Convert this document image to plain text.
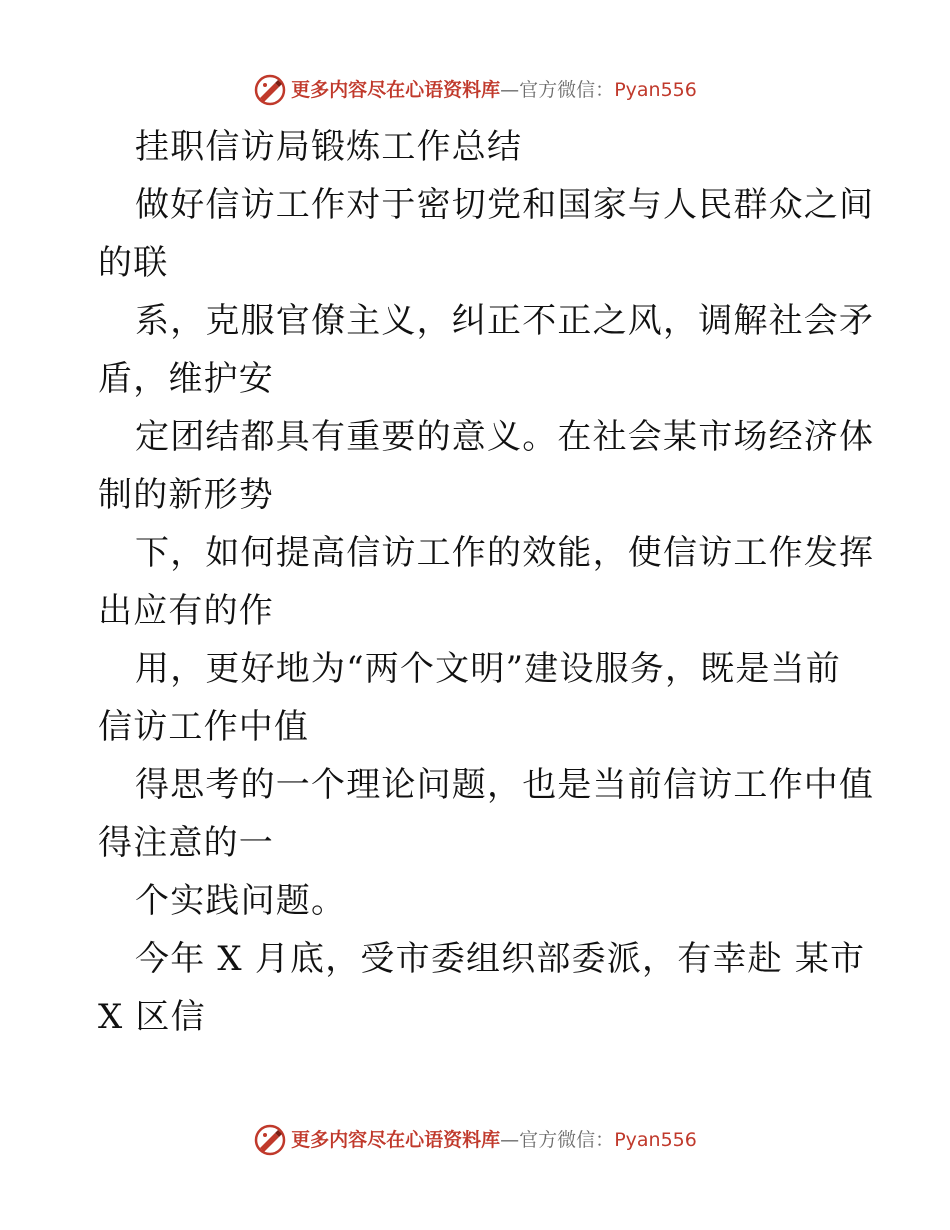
更多内容尽在心语资料库—官方微信：Pyan556
挂职信访局锻炼工作总结
做好信访工作对于密切党和国家与人民群众之间
的联
系，克服官僚主义，纠正不正之风，调解社会矛
盾，维护安
定团结都具有重要的意义。在社会某市场经济体
制的新形势
下，如何提高信访工作的效能，使信访工作发挥
出应有的作
用，更好地为“两个文明”建设服务，既是当前
信访工作中值
得思考的一个理论问题，也是当前信访工作中值
得注意的一
个实践问题。
今年 X 月底，受市委组织部委派，有幸赴 某市
X 区信
更多内容尽在心语资料库—官方微信：Pyan556
